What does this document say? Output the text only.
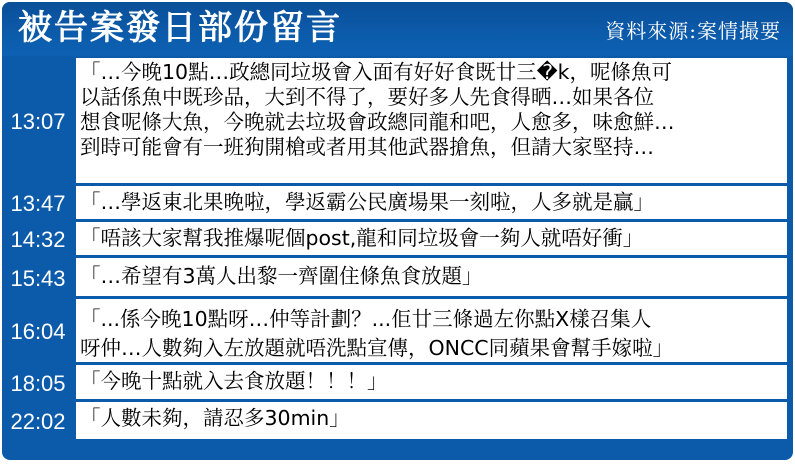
被告案發日部份留言	資料來源:案情撮要
13:07
「…今晚10點…政總同垃圾會入面有好好食既廿三�k，呢條魚可
以話係魚中既珍品，大到不得了，要好多人先食得晒…如果各位
想食呢條大魚，今晚就去垃圾會政總同龍和吧，人愈多，味愈鮮…
到時可能會有一班狗開槍或者用其他武器搶魚，但請大家堅持…
13:47 「…學返東北果晚啦，學返霸公民廣場果一刻啦，人多就是贏」
14:32 「唔該大家幫我推爆呢個post,龍和同垃圾會一夠人就唔好衝」
15:43 「…希望有3萬人出黎一齊圍住條魚食放題」
16:04 「...係今晚10點呀…仲等計劃？...佢廿三條過左你點X樣召集人
呀仲…人數夠入左放題就唔洗點宣傳，ONCC同蘋果會幫手嫁啦」
18:05 「今晚十點就入去食放題！！！」
22:02 「人數未夠，請忍多30min」
